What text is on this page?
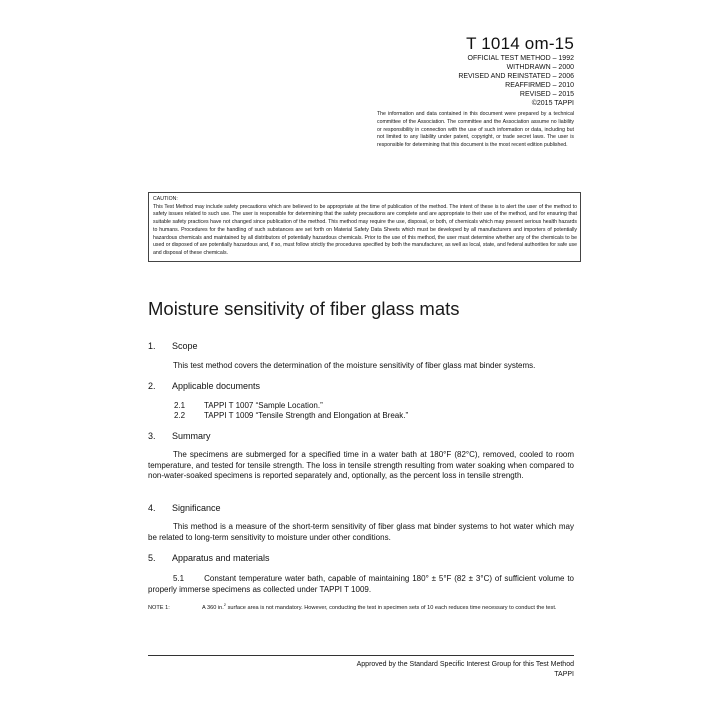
T 1014 om-15
OFFICIAL TEST METHOD – 1992
WITHDRAWN – 2000
REVISED AND REINSTATED – 2006
REAFFIRMED – 2010
REVISED – 2015
©2015 TAPPI
The information and data contained in this document were prepared by a technical committee of the Association. The committee and the Association assume no liability or responsibility in connection with the use of such information or data, including but not limited to any liability under patent, copyright, or trade secret laws. The user is responsible for determining that this document is the most recent edition published.
CAUTION:
This Test Method may include safety precautions which are believed to be appropriate at the time of publication of the method. The intent of these is to alert the user of the method to safety issues related to such use. The user is responsible for determining that the safety precautions are complete and are appropriate to their use of the method, and for ensuring that suitable safety practices have not changed since publication of the method. This method may require the use, disposal, or both, of chemicals which may present serious health hazards to humans. Procedures for the handling of such substances are set forth on Material Safety Data Sheets which must be developed by all manufacturers and importers of potentially hazardous chemicals and maintained by all distributors of potentially hazardous chemicals. Prior to the use of this method, the user must determine whether any of the chemicals to be used or disposed of are potentially hazardous and, if so, must follow strictly the procedures specified by both the manufacturer, as well as local, state, and federal authorities for safe use and disposal of these chemicals.
Moisture sensitivity of fiber glass mats
1. Scope
This test method covers the determination of the moisture sensitivity of fiber glass mat binder systems.
2. Applicable documents
2.1 TAPPI T 1007 “Sample Location.”
2.2 TAPPI T 1009 “Tensile Strength and Elongation at Break.”
3. Summary
The specimens are submerged for a specified time in a water bath at 180°F (82°C), removed, cooled to room temperature, and tested for tensile strength. The loss in tensile strength resulting from water soaking when compared to non-water-soaked specimens is reported separately and, optionally, as the percent loss in tensile strength.
4. Significance
This method is a measure of the short-term sensitivity of fiber glass mat binder systems to hot water which may be related to long-term sensitivity to moisture under other conditions.
5. Apparatus and materials
5.1	Constant temperature water bath, capable of maintaining 180° ± 5°F (82 ± 3°C) of sufficient volume to properly immerse specimens as collected under TAPPI T 1009.
NOTE 1:	A 360 in.$^2$ surface area is not mandatory. However, conducting the test in specimen sets of 10 each reduces time necessary to conduct the test.
Approved by the Standard Specific Interest Group for this Test Method
TAPPI
